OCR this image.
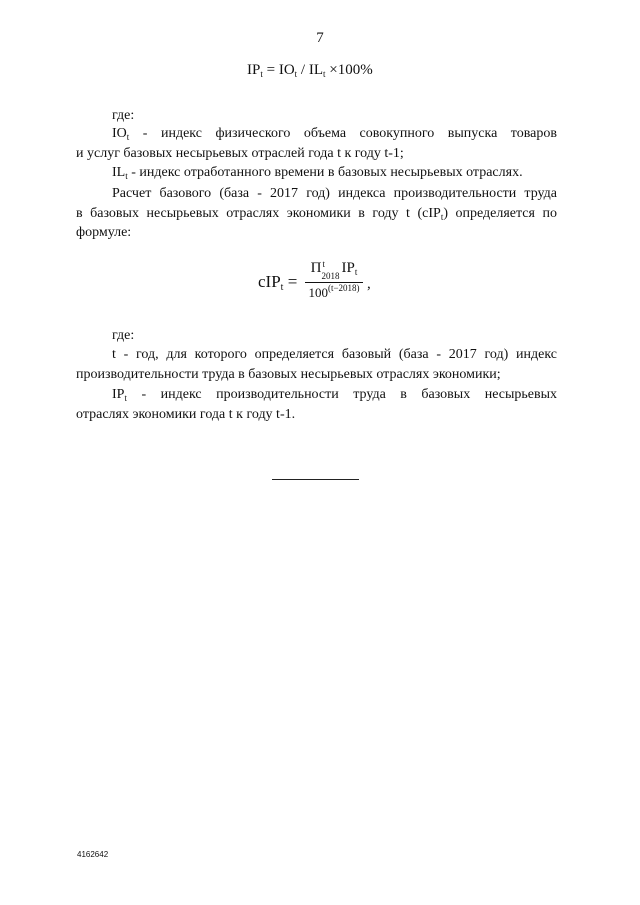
7
$IP_t = IO_t / IL_t \times 100\%$
где:
$IO_t$ - индекс физического объема совокупного выпуска товаров
и услуг базовых несырьевых отраслей года t к году t-1;
$IL_t$ - индекс отработанного времени в базовых несырьевых отраслях.
Расчет базового (база - 2017 год) индекса производительности труда
в базовых несырьевых отраслях экономики в году t (cIP$_t$) определяется по
формуле:
cIPt =
Π t
2018 $IP_t$
$100^{(t-2018)}$ ,
где:
t - год, для которого определяется базовый (база - 2017 год) индекс
производительности труда в базовых несырьевых отраслях экономики;
$IP_t$ - индекс производительности труда в базовых несырьевых
отраслях экономики года t к году t-1.
4162642
